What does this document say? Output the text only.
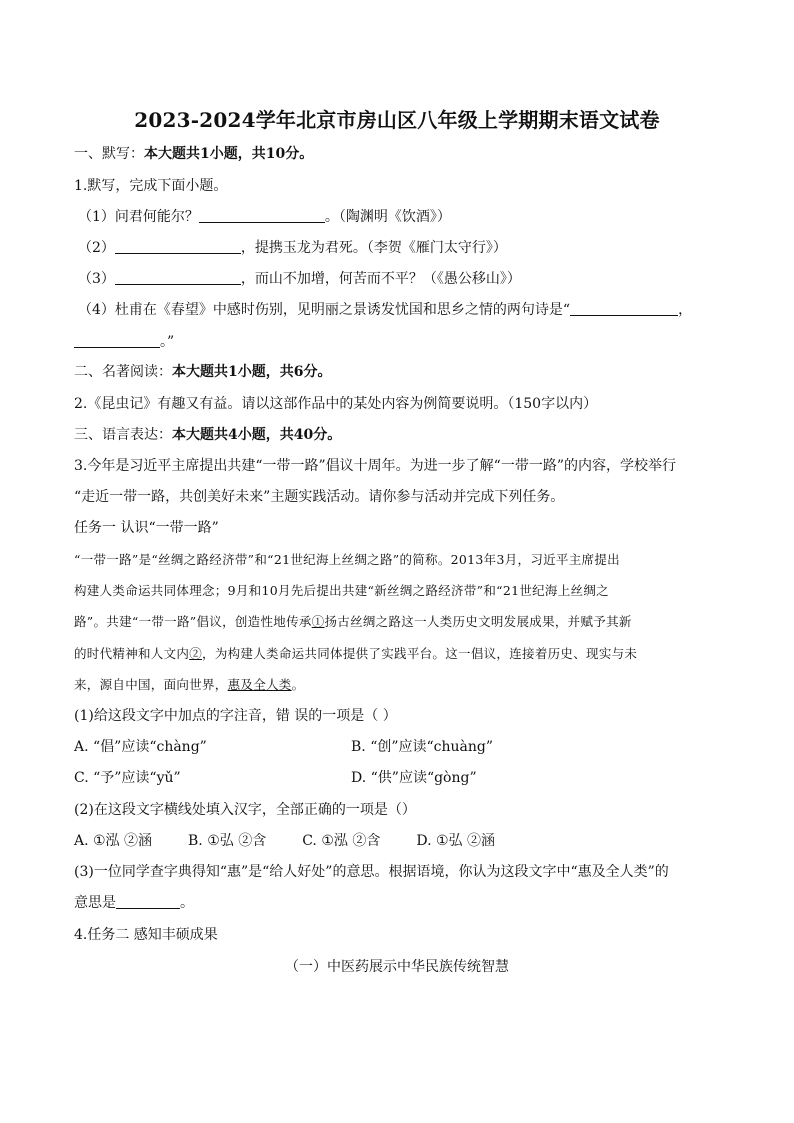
2023-2024学年北京市房山区八年级上学期期末语文试卷
一、默写：本大题共1小题，共10分。
1.默写，完成下面小题。
（1）问君何能尔？	。（陶渊明《饮酒》）
（2）	，提携玉龙为君死。（李贺《雁门太守行》）
（3）	，而山不加增，何苦而不平？（《愚公移山》）
（4）杜甫在《春望》中感时伤别，见明丽之景诱发忧国和思乡之情的两句诗是“	，
。”
二、名著阅读：本大题共1小题，共6分。
2.《昆虫记》有趣又有益。请以这部作品中的某处内容为例简要说明。（150字以内）
三、语言表达：本大题共4小题，共40分。
3.今年是习近平主席提出共建“一带一路”倡议十周年。为进一步了解“一带一路”的内容，学校举行
“走近一带一路，共创美好未来”主题实践活动。请你参与活动并完成下列任务。
任务一 认识“一带一路”
“一带一路”是“丝绸之路经济带”和“21世纪海上丝绸之路”的简称。2013年3月，习近平主席提出
构建人类命运共同体理念；9月和10月先后提出共建“新丝绸之路经济带”和“21世纪海上丝绸之
路”。共建“一带一路”倡议，创造性地传承①扬古丝绸之路这一人类历史文明发展成果，并赋予其新
的时代精神和人文内②，为构建人类命运共同体提供了实践平台。这一倡议，连接着历史、现实与未
来，源自中国，面向世界，惠及全人类。
(1)给这段文字中加点的字注音，错 误的一项是（ ）
A. “倡”应读“chàng”	B. “创”应读“chuàng”
C. “予”应读“yǔ”	D. “供”应读“gòng”
(2)在这段文字横线处填入汉字，全部正确的一项是（）
A. ①泓 ②涵	B. ①弘 ②含	C. ①泓 ②含	D. ①弘 ②涵
(3)一位同学查字典得知“惠”是“给人好处”的意思。根据语境，你认为这段文字中“惠及全人类”的
意思是	。
4.任务二 感知丰硕成果
（一）中医药展示中华民族传统智慧
